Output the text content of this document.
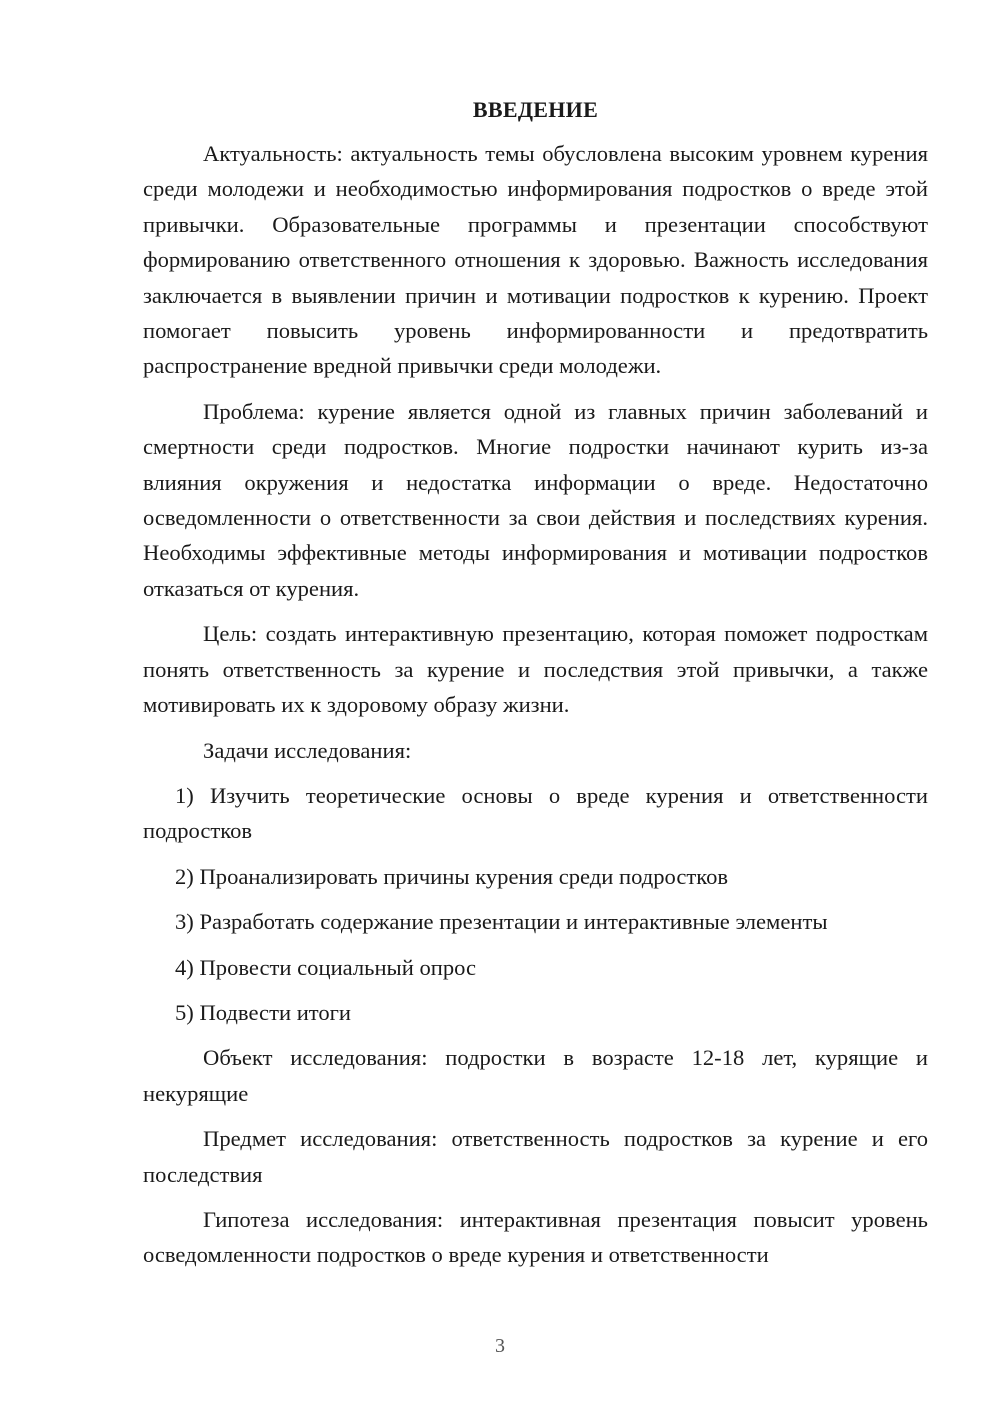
ВВЕДЕНИЕ

Актуальность: актуальность темы обусловлена высоким уровнем курения среди молодежи и необходимостью информирования подростков о вреде этой привычки. Образовательные программы и презентации способствуют формированию ответственного отношения к здоровью. Важность исследования заключается в выявлении причин и мотивации подростков к курению. Проект помогает повысить уровень информированности и предотвратить распространение вредной привычки среди молодежи.

Проблема: курение является одной из главных причин заболеваний и смертности среди подростков. Многие подростки начинают курить из-за влияния окружения и недостатка информации о вреде. Недостаточно осведомленности о ответственности за свои действия и последствиях курения. Необходимы эффективные методы информирования и мотивации подростков отказаться от курения.

Цель: создать интерактивную презентацию, которая поможет подросткам понять ответственность за курение и последствия этой привычки, а также мотивировать их к здоровому образу жизни.

Задачи исследования:

1) Изучить теоретические основы о вреде курения и ответственности подростков

2) Проанализировать причины курения среди подростков

3) Разработать содержание презентации и интерактивные элементы

4) Провести социальный опрос

5) Подвести итоги

Объект исследования: подростки в возрасте 12-18 лет, курящие и некурящие

Предмет исследования: ответственность подростков за курение и его последствия

Гипотеза исследования: интерактивная презентация повысит уровень осведомленности подростков о вреде курения и ответственности

3
